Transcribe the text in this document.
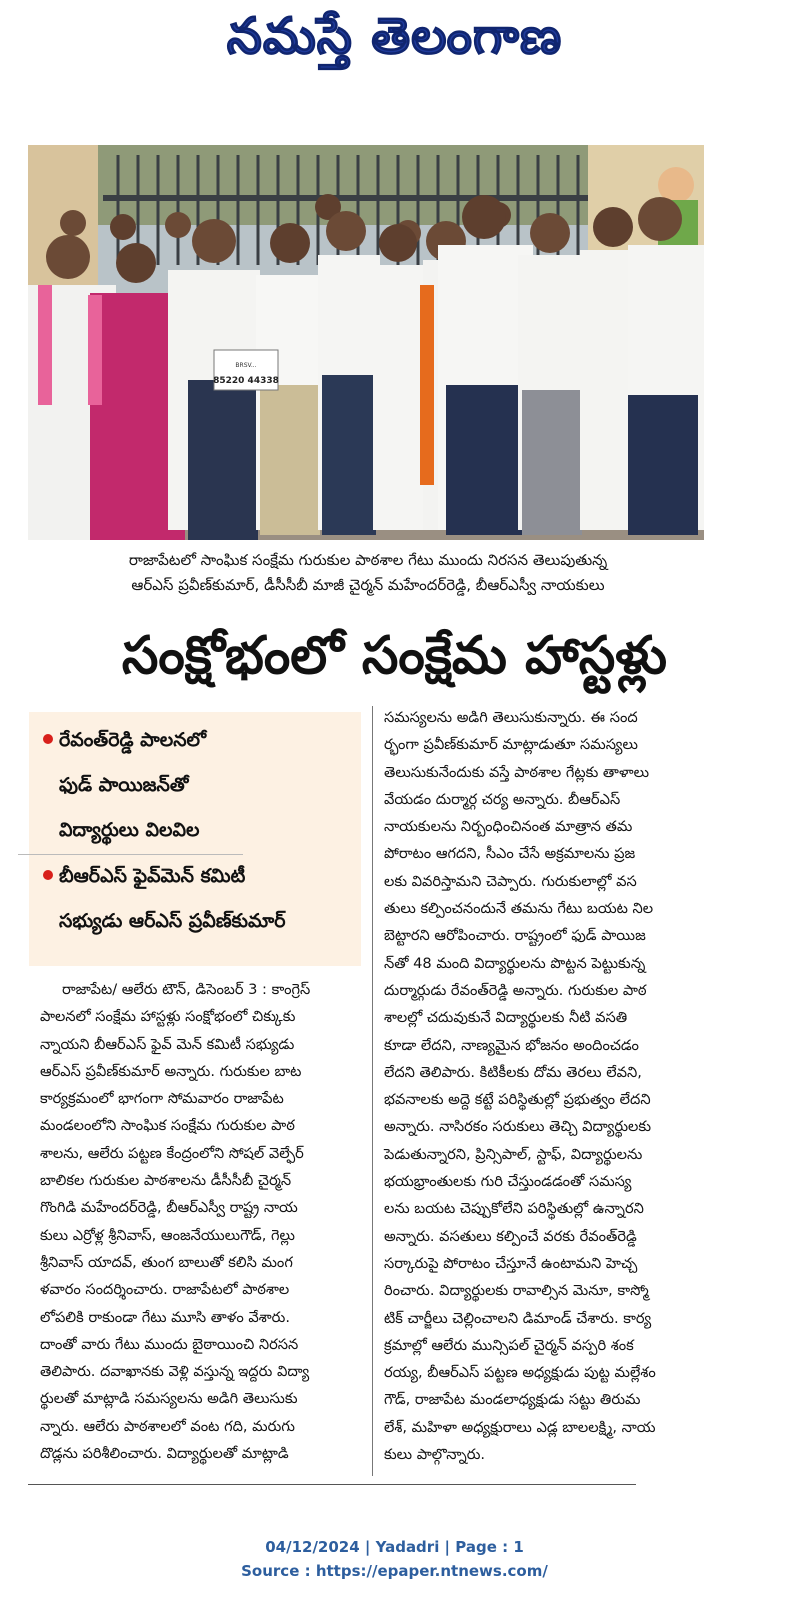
నమస్తే తెలంగాణ
BRSV...
85220 44338
రాజాపేటలో సాంఘిక సంక్షేమ గురుకుల పాఠశాల గేటు ముందు నిరసన తెలుపుతున్న
ఆర్ఎస్ ప్రవీణ్‌కుమార్, డీసీసీబీ మాజీ చైర్మన్ మహేందర్‌రెడ్డి, బీఆర్ఎస్వీ నాయకులు
సంక్షోభంలో సంక్షేమ హాస్టళ్లు
రేవంత్‌రెడ్డి పాలనలో
ఫుడ్ పాయిజన్‌తో
విద్యార్థులు విలవిల
బీఆర్ఎస్ ఫైవ్‌మెన్ కమిటీ
సభ్యుడు ఆర్ఎస్ ప్రవీణ్‌కుమార్

రాజాపేట/ ఆలేరు టౌన్, డిసెంబర్ 3 : కాంగ్రెస్

పాలనలో సంక్షేమ హాస్టళ్లు సంక్షోభంలో చిక్కుకు

న్నాయని బీఆర్ఎస్ ఫైవ్ మెన్ కమిటీ సభ్యుడు

ఆర్ఎస్ ప్రవీణ్‌కుమార్ అన్నారు. గురుకుల బాట

కార్యక్రమంలో భాగంగా సోమవారం రాజాపేట

మండలంలోని సాంఘిక సంక్షేమ గురుకుల పాఠ

శాలను, ఆలేరు పట్టణ కేంద్రంలోని సోషల్ వెల్ఫేర్

బాలికల గురుకుల పాఠశాలను డీసీసీబీ చైర్మన్

గొంగిడి మహేందర్‌రెడ్డి, బీఆర్ఎస్వీ రాష్ట్ర నాయ

కులు ఎర్రోళ్ల శ్రీనివాస్, ఆంజనేయులుగౌడ్, గెల్లు

శ్రీనివాస్ యాదవ్, తుంగ బాలుతో కలిసి మంగ

ళవారం సందర్శించారు. రాజాపేటలో పాఠశాల

లోపలికి రాకుండా గేటు మూసి తాళం వేశారు.

దాంతో వారు గేటు ముందు బైఠాయించి నిరసన

తెలిపారు. దవాఖానకు వెళ్లి వస్తున్న ఇద్దరు విద్యా

ర్థులతో మాట్లాడి సమస్యలను అడిగి తెలుసుకు

న్నారు. ఆలేరు పాఠశాలలో వంట గది, మరుగు

దొడ్లను పరిశీలించారు. విద్యార్థులతో మాట్లాడి

సమస్యలను అడిగి తెలుసుకున్నారు. ఈ సంద

ర్భంగా ప్రవీణ్‌కుమార్ మాట్లాడుతూ సమస్యలు

తెలుసుకునేందుకు వస్తే పాఠశాల గేట్లకు తాళాలు

వేయడం దుర్మార్గ చర్య అన్నారు. బీఆర్ఎస్

నాయకులను నిర్బంధించినంత మాత్రాన తమ

పోరాటం ఆగదని, సీఎం చేసే అక్రమాలను ప్రజ

లకు వివరిస్తామని చెప్పారు. గురుకులాల్లో వస

తులు కల్పించనందునే తమను గేటు బయట నిల

బెట్టారని ఆరోపించారు. రాష్ట్రంలో ఫుడ్ పాయిజ

న్‌తో 48 మంది విద్యార్థులను పొట్టన పెట్టుకున్న

దుర్మార్గుడు రేవంత్‌రెడ్డి అన్నారు. గురుకుల పాఠ

శాలల్లో చదువుకునే విద్యార్థులకు నీటి వసతి

కూడా లేదని, నాణ్యమైన భోజనం అందించడం

లేదని తెలిపారు. కిటికీలకు దోమ తెరలు లేవని,

భవనాలకు అద్దె కట్టే పరిస్థితుల్లో ప్రభుత్వం లేదని

అన్నారు. నాసిరకం సరుకులు తెచ్చి విద్యార్థులకు

పెడుతున్నారని, ప్రిన్సిపాల్, స్టాఫ్, విద్యార్థులను

భయభ్రాంతులకు గురి చేస్తుండడంతో సమస్య

లను బయట చెప్పుకోలేని పరిస్థితుల్లో ఉన్నారని

అన్నారు. వసతులు కల్పించే వరకు రేవంత్‌రెడ్డి

సర్కారుపై పోరాటం చేస్తూనే ఉంటామని హెచ్చ

రించారు. విద్యార్థులకు రావాల్సిన మెనూ, కాస్మో

టిక్ చార్జీలు చెల్లించాలని డిమాండ్ చేశారు. కార్య

క్రమాల్లో ఆలేరు మున్సిపల్ చైర్మన్ వస్పరి శంక

రయ్య, బీఆర్ఎస్ పట్టణ అధ్యక్షుడు పుట్ట మల్లేశం

గౌడ్, రాజాపేట మండలాధ్యక్షుడు సట్టు తిరుమ

లేశ్, మహిళా అధ్యక్షురాలు ఎడ్ల బాలలక్ష్మి, నాయ

కులు పాల్గొన్నారు.

04/12/2024 | Yadadri | Page : 1
Source : https://epaper.ntnews.com/
